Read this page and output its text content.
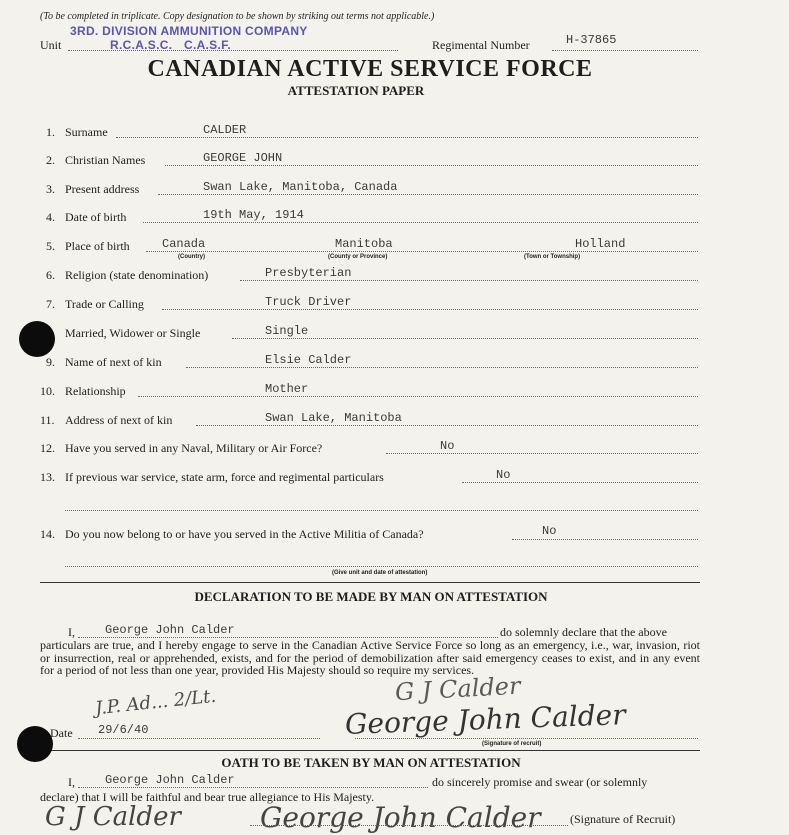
(To be completed in triplicate. Copy designation to be shown by striking out terms not applicable.)
Unit
3RD. DIVISION AMMUNITION COMPANY
R.C.A.S.C. C.A.S.F.	Regimental Number	H-37865
CANADIAN ACTIVE SERVICE FORCE
ATTESTATION PAPER
1. Surname	CALDER
2. Christian Names	GEORGE JOHN
3. Present address	Swan Lake, Manitoba, Canada
4. Date of birth	19th May, 1914
5. Place of birth	Canada	Manitoba	Holland
(Country)	(County or Province)	(Town or Township)
6. Religion (state denomination)	Presbyterian
7. Trade or Calling	Truck Driver
Married, Widower or Single	Single
9. Name of next of kin	Elsie Calder
10. Relationship	Mother
11. Address of next of kin	Swan Lake, Manitoba
12. Have you served in any Naval, Military or Air Force?	No
13. If previous war service, state arm, force and regimental particulars	No
14. Do you now belong to or have you served in the Active Militia of Canada?	No
(Give unit and date of attestation)
DECLARATION TO BE MADE BY MAN ON ATTESTATION
I,	George John Calder	do solemnly declare that the above
particulars are true, and I hereby engage to serve in the Canadian Active Service Force so long as an emergency, i.e., war, invasion, riot or insurrection, real or apprehended, exists, and for the period of demobilization after said emergency ceases to exist, and in any event for a period of not less than one year, provided His Majesty should so require my services.
J.P. Ad... 2/Lt.	G J Calder
George John Calder
Date 29/6/40
(Signature of recruit)
OATH TO BE TAKEN BY MAN ON ATTESTATION
I,	George John Calder	do sincerely promise and swear (or solemnly
declare) that I will be faithful and bear true allegiance to His Majesty.
G J Calder	George John Calder (Signature of Recruit)
